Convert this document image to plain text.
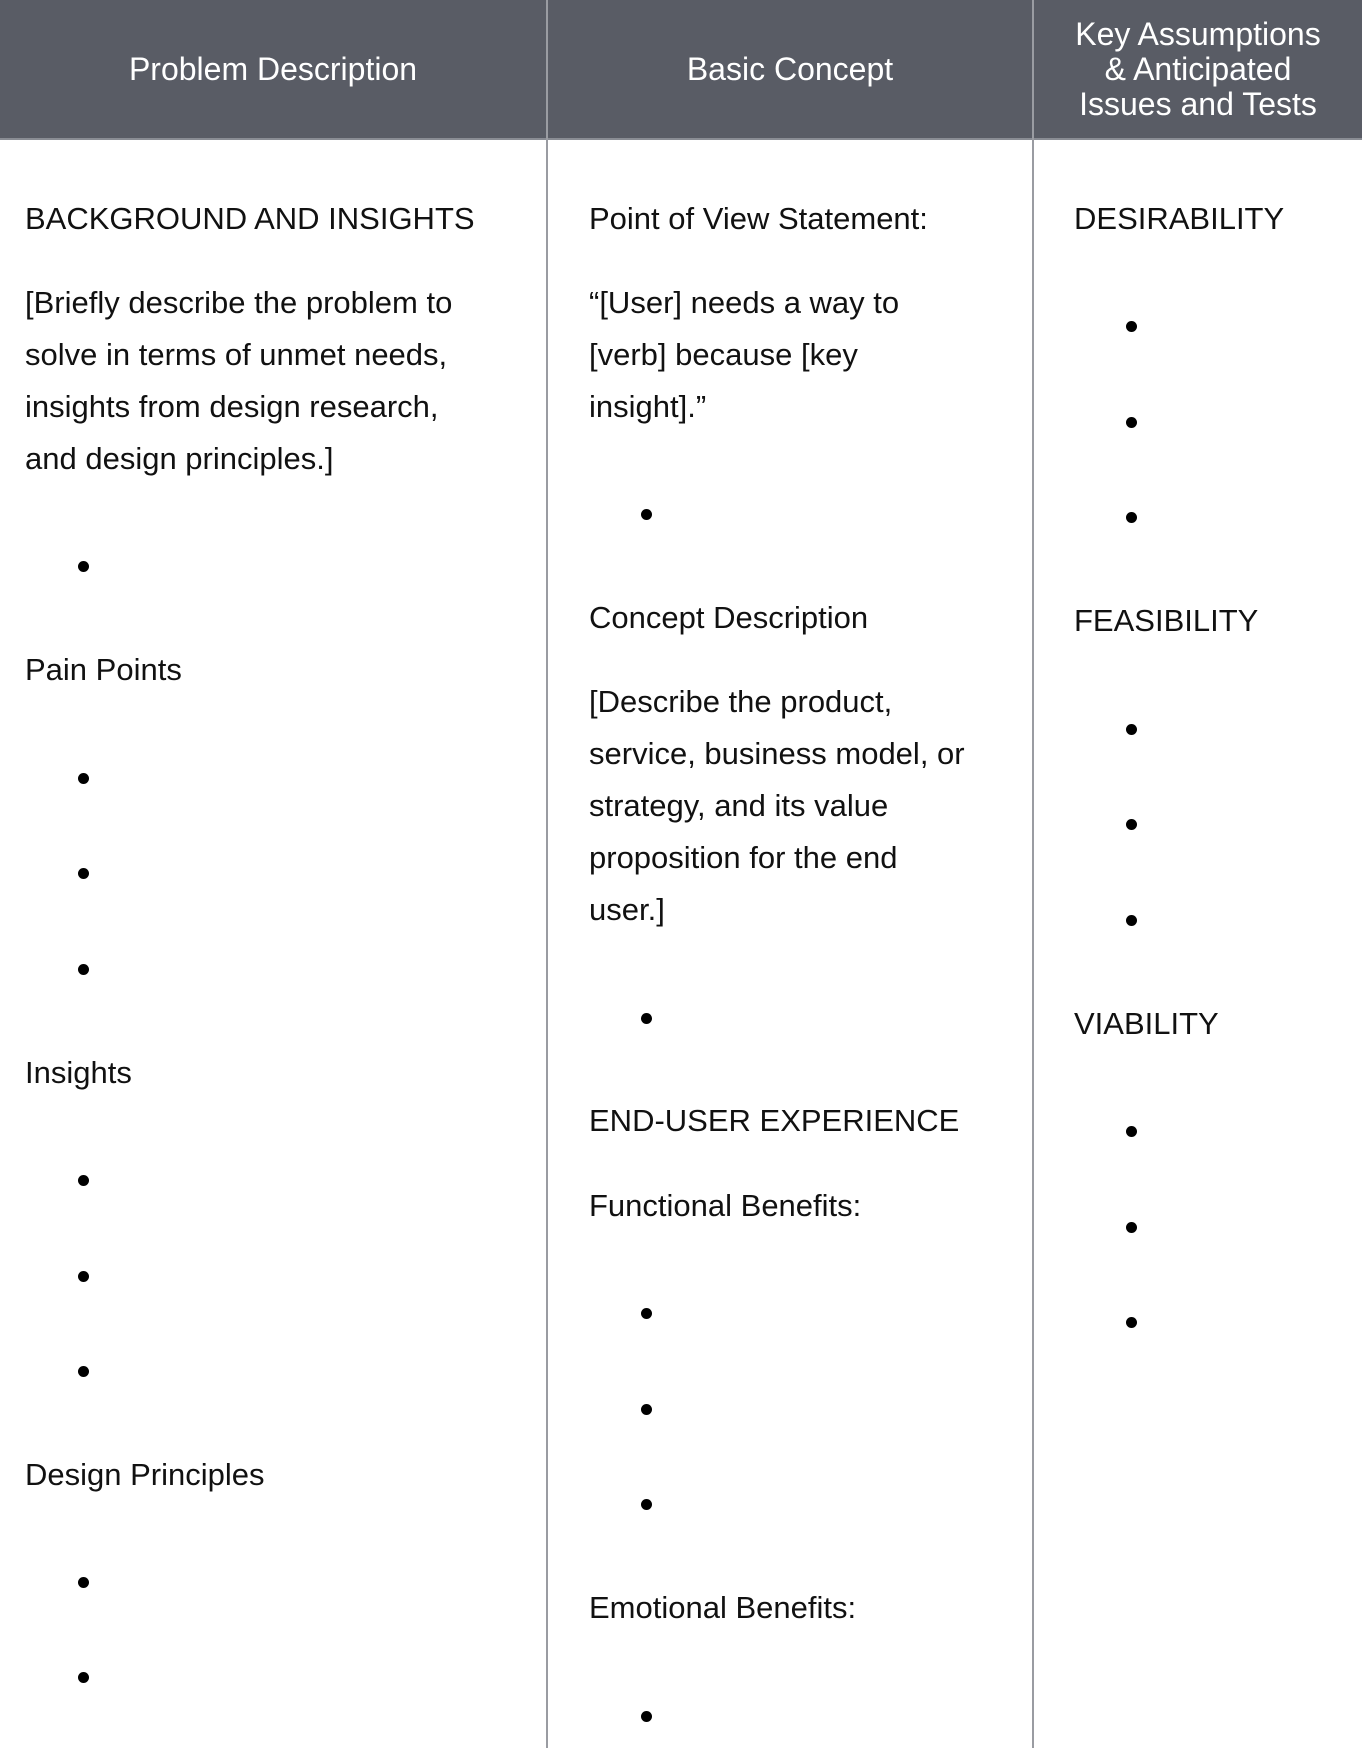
Problem Description	Basic Concept
Key Assumptions
& Anticipated
Issues and Tests
BACKGROUND AND INSIGHTS
[Briefly describe the problem to
solve in terms of unmet needs,
insights from design research,
and design principles.]
Pain Points
Insights
Design Principles
Point of View Statement:
“[User] needs a way to
[verb] because [key
insight].”
Concept Description
[Describe the product,
service, business model, or
strategy, and its value
proposition for the end
user.]
END-USER EXPERIENCE
Functional Benefits:
Emotional Benefits:
DESIRABILITY
FEASIBILITY
VIABILITY
